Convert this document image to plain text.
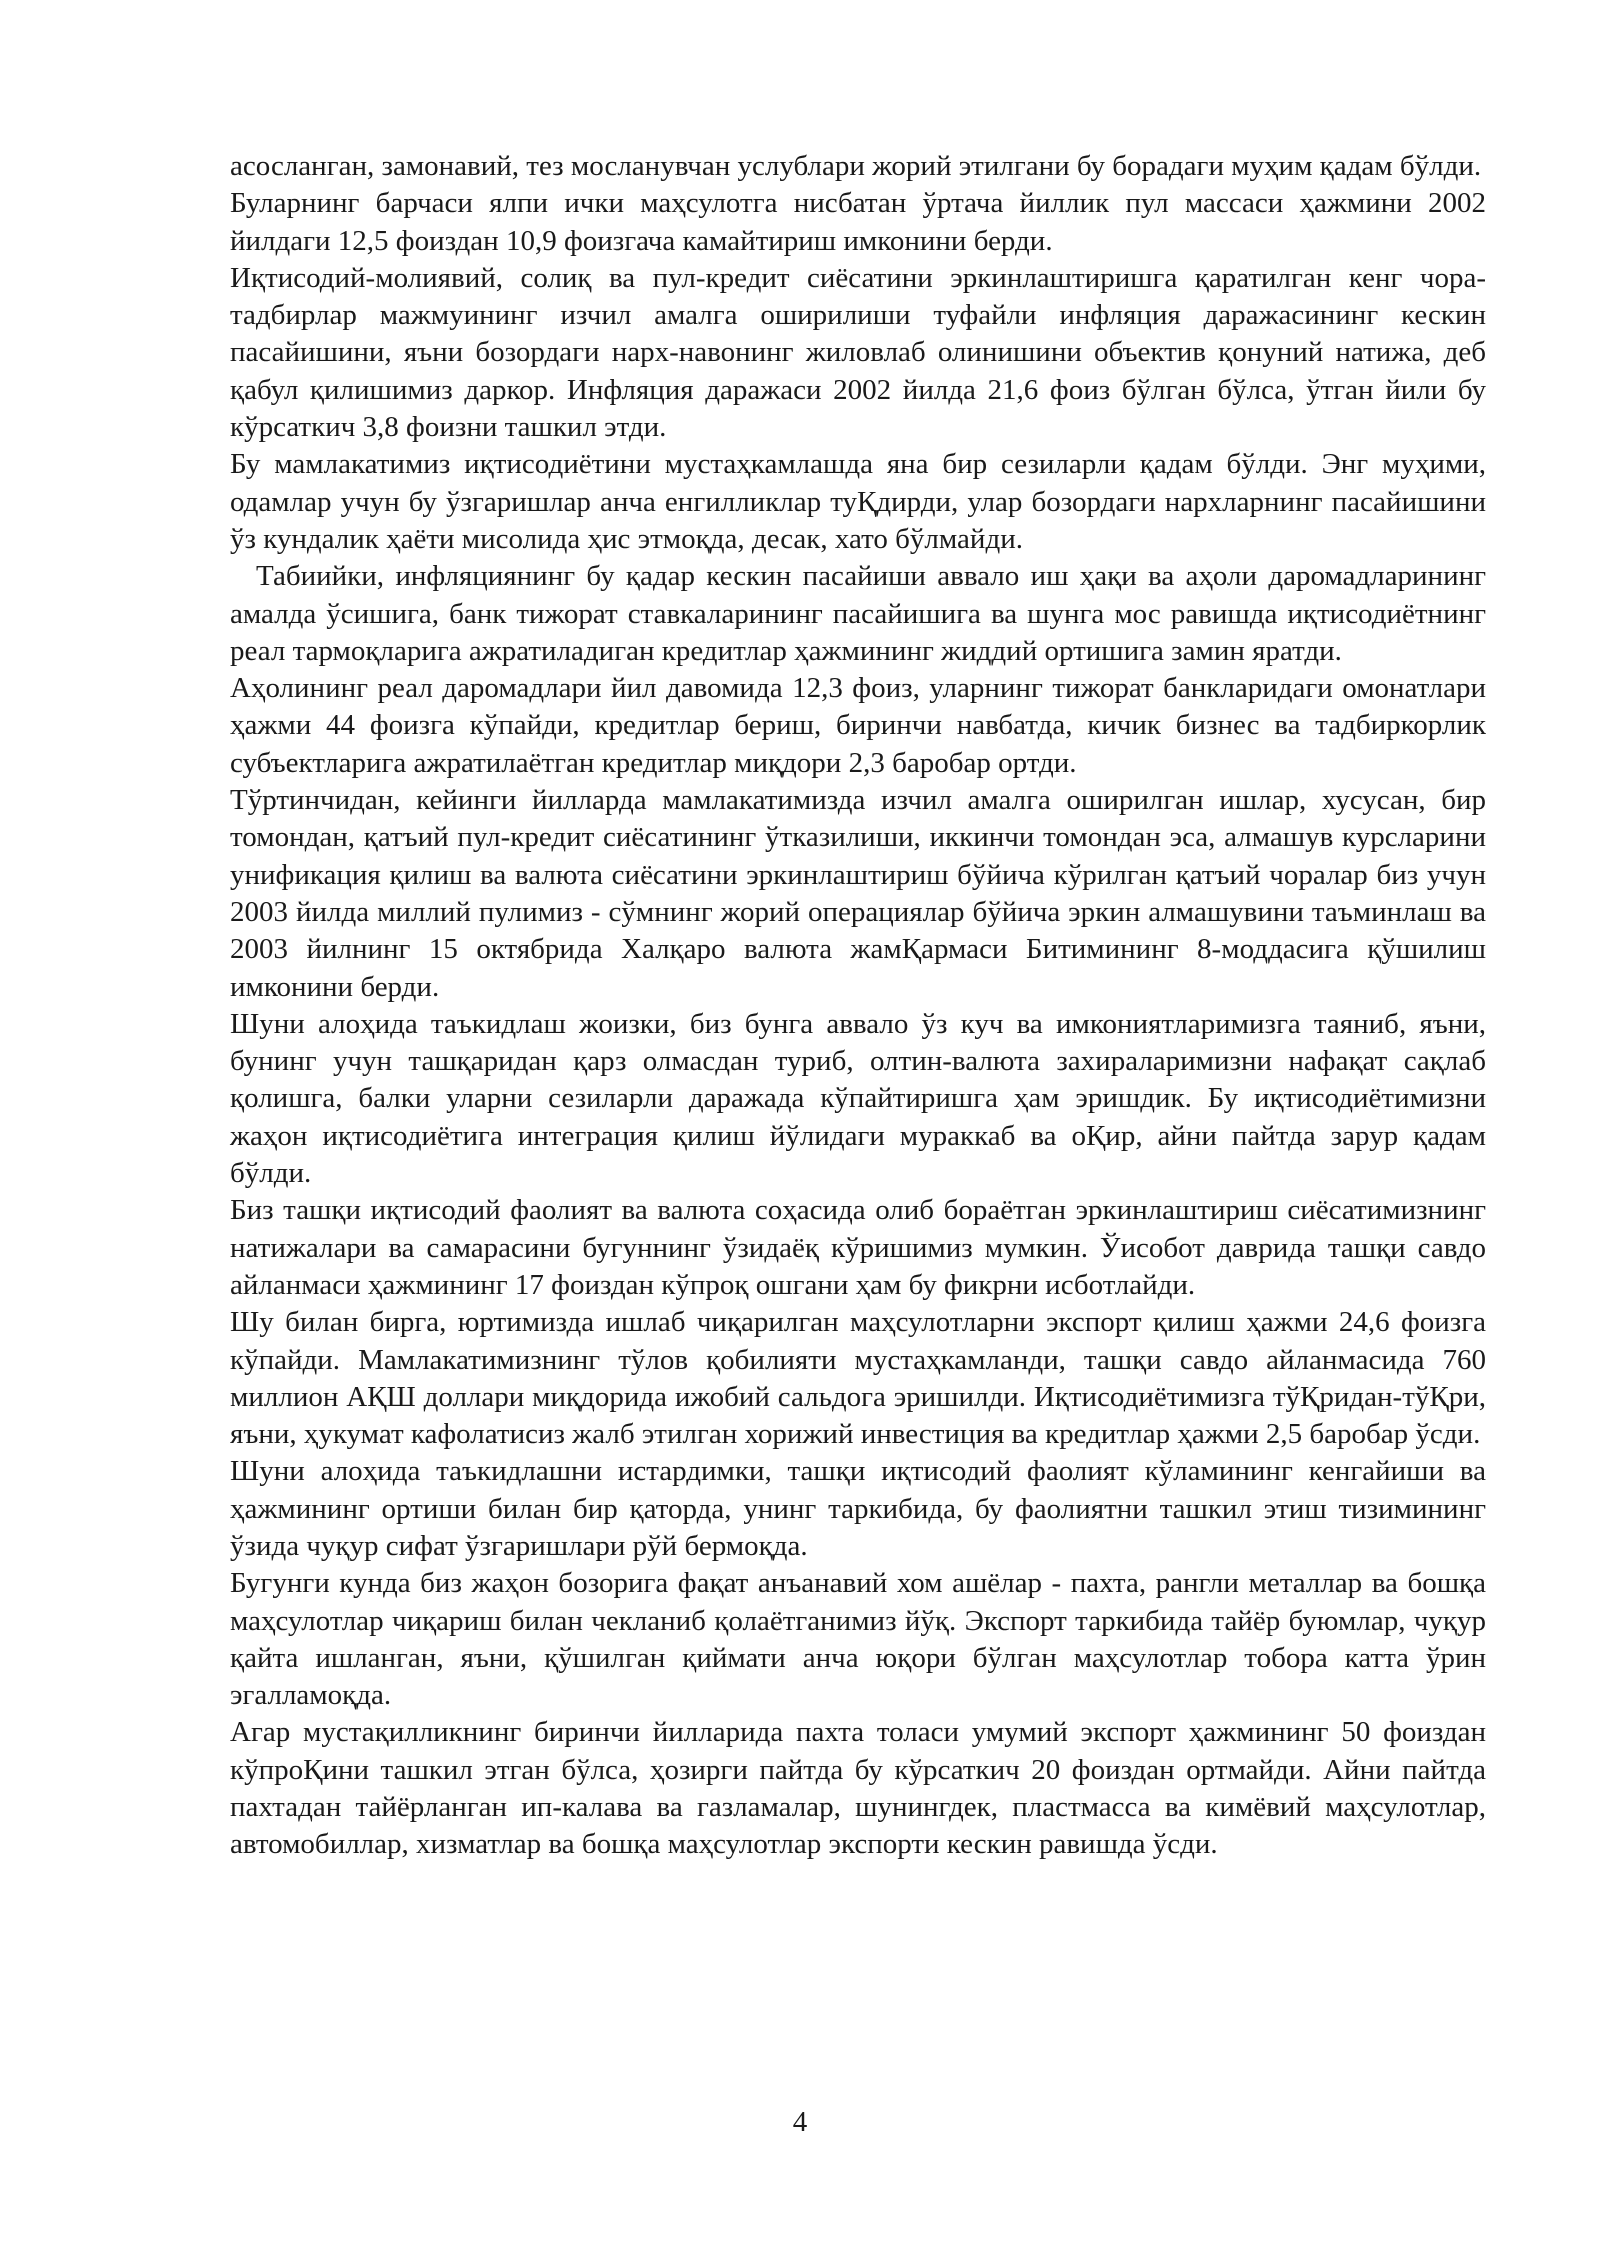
асосланган, замонавий, тез мосланувчан услублари жорий этилгани бу борадаги муҳим қадам бўлди.

Буларнинг барчаси ялпи ички маҳсулотга нисбатан ўртача йиллик пул массаси ҳажмини 2002 йилдаги 12,5 фоиздан 10,9 фоизгача камайтириш имконини берди.

Иқтисодий-молиявий, солиқ ва пул-кредит сиёсатини эркинлаштиришга қаратилган кенг чора-тадбирлар мажмуининг изчил амалга оширилиши туфайли инфляция даражасининг кескин пасайишини, яъни бозордаги нарх-навонинг жиловлаб олинишини объектив қонуний натижа, деб қабул қилишимиз даркор. Инфляция даражаси 2002 йилда 21,6 фоиз бўлган бўлса, ўтган йили бу кўрсаткич 3,8 фоизни ташкил этди.

Бу мамлакатимиз иқтисодиётини мустаҳкамлашда яна бир сезиларли қадам бўлди. Энг муҳими, одамлар учун бу ўзгаришлар анча енгилликлар туҚдирди, улар бозордаги нархларнинг пасайишини ўз кундалик ҳаёти мисолида ҳис этмоқда, десак, хато бўлмайди.

Табиийки, инфляциянинг бу қадар кескин пасайиши аввало иш ҳақи ва аҳоли даромадларининг амалда ўсишига, банк тижорат ставкаларининг пасайишига ва шунга мос равишда иқтисодиётнинг реал тармоқларига ажратиладиган кредитлар ҳажмининг жиддий ортишига замин яратди.

Аҳолининг реал даромадлари йил давомида 12,3 фоиз, уларнинг тижорат банкларидаги омонатлари ҳажми 44 фоизга кўпайди, кредитлар бериш, биринчи навбатда, кичик бизнес ва тадбиркорлик субъектларига ажратилаётган кредитлар миқдори 2,3 баробар ортди.

Тўртинчидан, кейинги йилларда мамлакатимизда изчил амалга оширилган ишлар, хусусан, бир томондан, қатъий пул-кредит сиёсатининг ўтказилиши, иккинчи томондан эса, алмашув курсларини унификация қилиш ва валюта сиёсатини эркинлаштириш бўйича кўрилган қатъий чоралар биз учун 2003 йилда миллий пулимиз - сўмнинг жорий операциялар бўйича эркин алмашувини таъминлаш ва 2003 йилнинг 15 октябрида Халқаро валюта жамҚармаси Битимининг 8-моддасига қўшилиш имконини берди.

Шуни алоҳида таъкидлаш жоизки, биз бунга аввало ўз куч ва имкониятларимизга таяниб, яъни, бунинг учун ташқаридан қарз олмасдан туриб, олтин-валюта захираларимизни нафақат сақлаб қолишга, балки уларни сезиларли даражада кўпайтиришга ҳам эришдик. Бу иқтисодиётимизни жаҳон иқтисодиётига интеграция қилиш йўлидаги мураккаб ва оҚир, айни пайтда зарур қадам бўлди.

Биз ташқи иқтисодий фаолият ва валюта соҳасида олиб бораётган эркинлаштириш сиёсатимизнинг натижалари ва самарасини бугуннинг ўзидаёқ кўришимиз мумкин. Ўисобот даврида ташқи савдо айланмаси ҳажмининг 17 фоиздан кўпроқ ошгани ҳам бу фикрни исботлайди.

Шу билан бирга, юртимизда ишлаб чиқарилган маҳсулотларни экспорт қилиш ҳажми 24,6 фоизга кўпайди. Мамлакатимизнинг тўлов қобилияти мустаҳкамланди, ташқи савдо айланмасида 760 миллион АҚШ доллари миқдорида ижобий сальдога эришилди. Иқтисодиётимизга тўҚридан-тўҚри, яъни, ҳукумат кафолатисиз жалб этилган хорижий инвестиция ва кредитлар ҳажми 2,5 баробар ўсди.

Шуни алоҳида таъкидлашни истардимки, ташқи иқтисодий фаолият кўламининг кенгайиши ва ҳажмининг ортиши билан бир қаторда, унинг таркибида, бу фаолиятни ташкил этиш тизимининг ўзида чуқур сифат ўзгаришлари рўй бермоқда.

Бугунги кунда биз жаҳон бозорига фақат анъанавий хом ашёлар - пахта, рангли металлар ва бошқа маҳсулотлар чиқариш билан чекланиб қолаётганимиз йўқ. Экспорт таркибида тайёр буюмлар, чуқур қайта ишланган, яъни, қўшилган қиймати анча юқори бўлган маҳсулотлар тобора катта ўрин эгалламоқда.

Агар мустақилликнинг биринчи йилларида пахта толаси умумий экспорт ҳажмининг 50 фоиздан кўпроҚини ташкил этган бўлса, ҳозирги пайтда бу кўрсаткич 20 фоиздан ортмайди. Айни пайтда пахтадан тайёрланган ип-калава ва газламалар, шунингдек, пластмасса ва кимёвий маҳсулотлар, автомобиллар, хизматлар ва бошқа маҳсулотлар экспорти кескин равишда ўсди.

4
